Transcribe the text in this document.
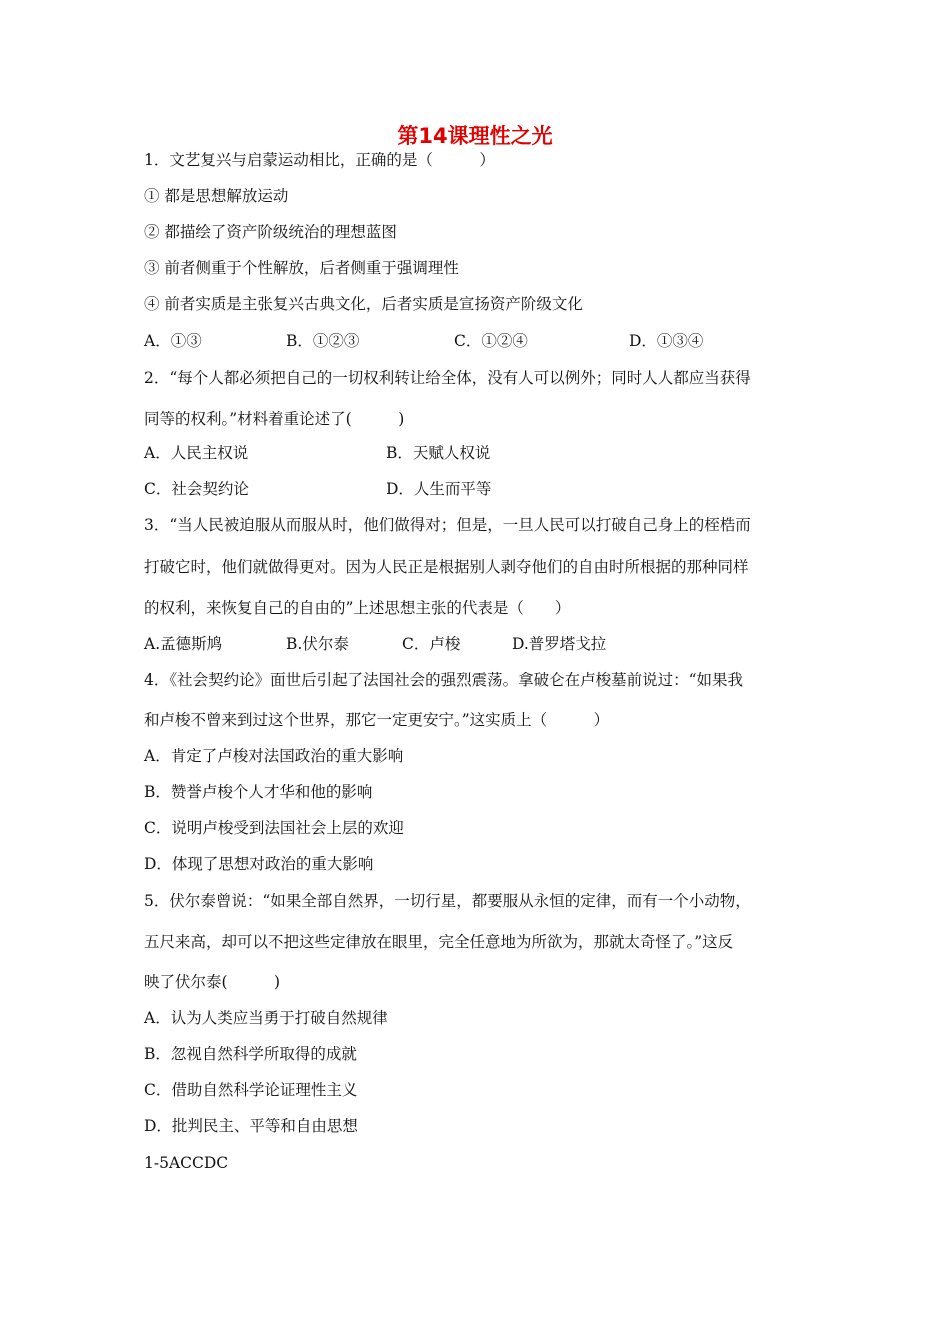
第14课理性之光
1．文艺复兴与启蒙运动相比，正确的是（　　　）
① 都是思想解放运动
② 都描绘了资产阶级统治的理想蓝图
③ 前者侧重于个性解放，后者侧重于强调理性
④ 前者实质是主张复兴古典文化，后者实质是宣扬资产阶级文化
A．①③	B．①②③	C．①②④	D．①③④
2．“每个人都必须把自己的一切权利转让给全体，没有人可以例外；同时人人都应当获得
同等的权利。”材料着重论述了(　　　)
A．人民主权说	B．天赋人权说
C．社会契约论	D．人生而平等
3．“当人民被迫服从而服从时，他们做得对；但是，一旦人民可以打破自己身上的桎梏而
打破它时，他们就做得更对。因为人民正是根据别人剥夺他们的自由时所根据的那种同样
的权利，来恢复自己的自由的”上述思想主张的代表是（　　）
A.孟德斯鸠	B.伏尔泰	C．卢梭	D.普罗塔戈拉
4．《社会契约论》面世后引起了法国社会的强烈震荡。拿破仑在卢梭墓前说过：“如果我
和卢梭不曾来到过这个世界，那它一定更安宁。”这实质上（　　　）
A．肯定了卢梭对法国政治的重大影响
B．赞誉卢梭个人才华和他的影响
C．说明卢梭受到法国社会上层的欢迎
D．体现了思想对政治的重大影响
5．伏尔泰曾说：“如果全部自然界，一切行星，都要服从永恒的定律，而有一个小动物，
五尺来高，却可以不把这些定律放在眼里，完全任意地为所欲为，那就太奇怪了。”这反
映了伏尔泰(　　　)
A．认为人类应当勇于打破自然规律
B．忽视自然科学所取得的成就
C．借助自然科学论证理性主义
D．批判民主、平等和自由思想
1-5ACCDC
